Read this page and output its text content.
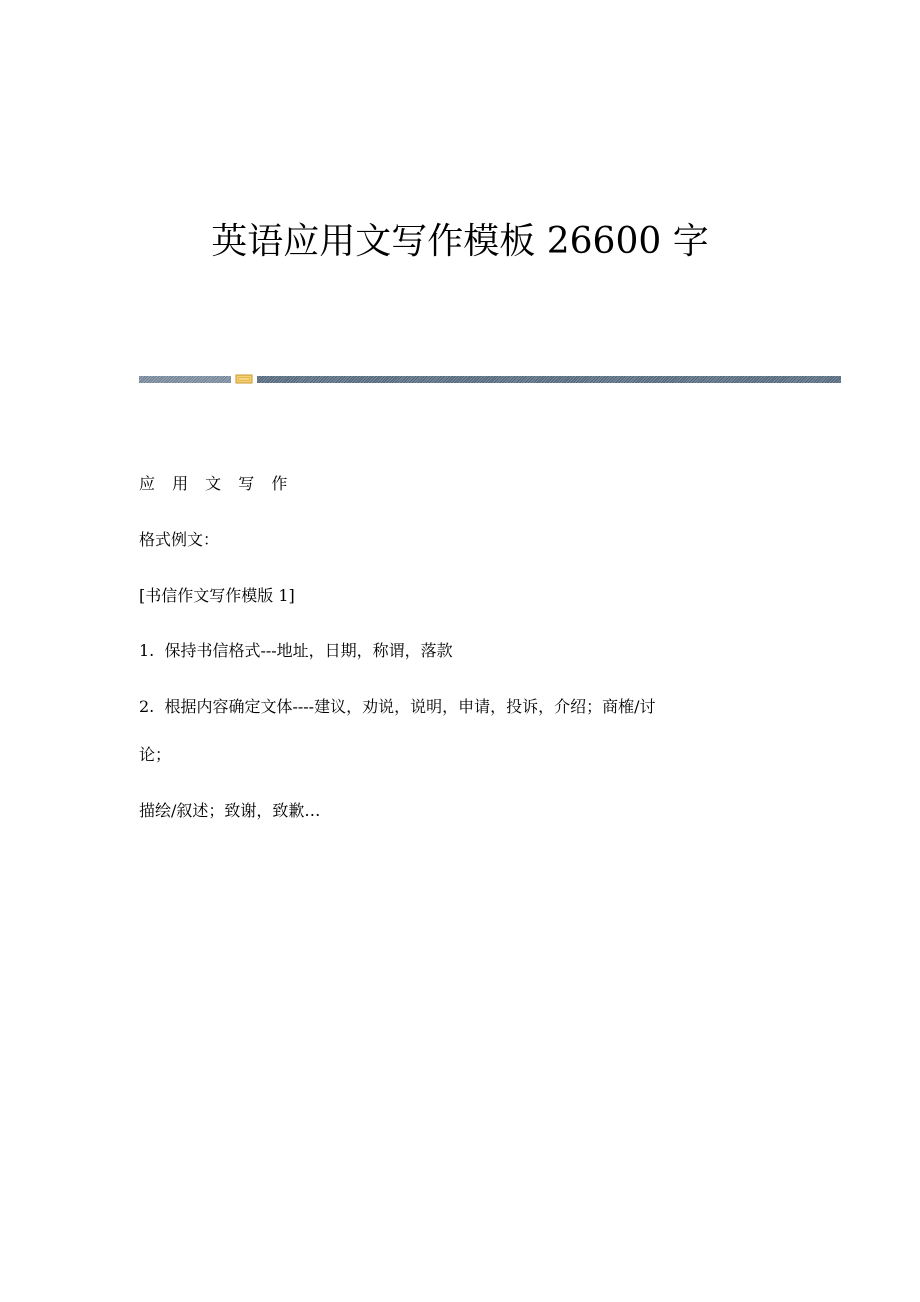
英语应用文写作模板 26600 字

应 用 文 写 作

格式例文：

[书信作文写作模版 1]

1.  保持书信格式---地址，日期，称谓，落款

2.  根据内容确定文体----建议，劝说，说明，申请，投诉，介绍；商榷/讨

论；

描绘/叙述；致谢，致歉…
